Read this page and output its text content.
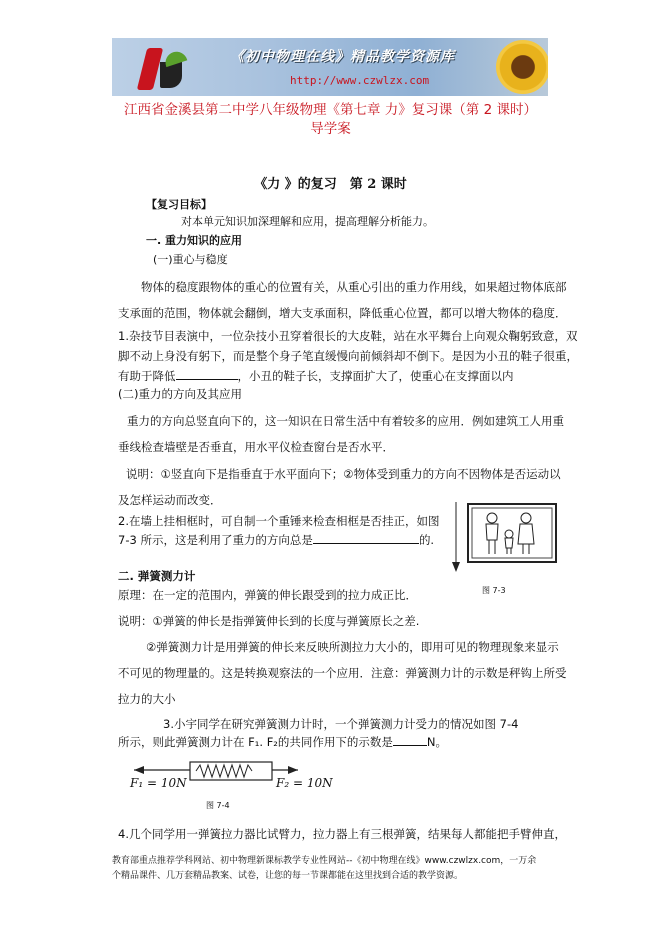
《初中物理在线》精品教学资源库
http://www.czwlzx.com
江西省金溪县第二中学八年级物理《第七章 力》复习课（第 2 课时）
导学案
《力 》的复习　第 2 课时
【复习目标】
对本单元知识加深理解和应用，提高理解分析能力。
一. 重力知识的应用
(一)重心与稳度
物体的稳度跟物体的重心的位置有关，从重心引出的重力作用线，如果超过物体底部
支承面的范围，物体就会翻倒，增大支承面积，降低重心位置，都可以增大物体的稳度．
1.杂技节目表演中，一位杂技小丑穿着很长的大皮鞋，站在水平舞台上向观众鞠躬致意，双
脚不动上身没有躬下，而是整个身子笔直缓慢向前倾斜却不倒下。是因为小丑的鞋子很重，
有助于降低	，小丑的鞋子长，支撑面扩大了，使重心在支撑面以内
(二)重力的方向及其应用
重力的方向总竖直向下的，这一知识在日常生活中有着较多的应用．例如建筑工人用重
垂线检查墙壁是否垂直，用水平仪检查窗台是否水平．
说明：①竖直向下是指垂直于水平面向下；②物体受到重力的方向不因物体是否运动以
及怎样运动而改变．
2.在墙上挂相框时，可自制一个重锤来检查相框是否挂正，如图
7-3 所示，这是利用了重力的方向总是	的.
图 7-3
二. 弹簧测力计
原理：在一定的范围内，弹簧的伸长跟受到的拉力成正比．
说明：①弹簧的伸长是指弹簧伸长到的长度与弹簧原长之差.
②弹簧测力计是用弹簧的伸长来反映所测拉力大小的，即用可见的物理现象来显示
不可见的物理量的。这是转换观察法的一个应用．注意：弹簧测力计的示数是秤钩上所受
拉力的大小
3.小宇同学在研究弹簧测力计时，一个弹簧测力计受力的情况如图 7-4
所示，则此弹簧测力计在 F₁. F₂的共同作用下的示数是	N。
F₁ = 10N	F₂ = 10N
图 7-4
4.几个同学用一弹簧拉力器比试臂力，拉力器上有三根弹簧，结果每人都能把手臂伸直，
教育部重点推荐学科网站、初中物理新课标教学专业性网站--《初中物理在线》www.czwlzx.com，一万余
个精品课件、几万套精品教案、试卷，让您的每一节课都能在这里找到合适的教学资源。
